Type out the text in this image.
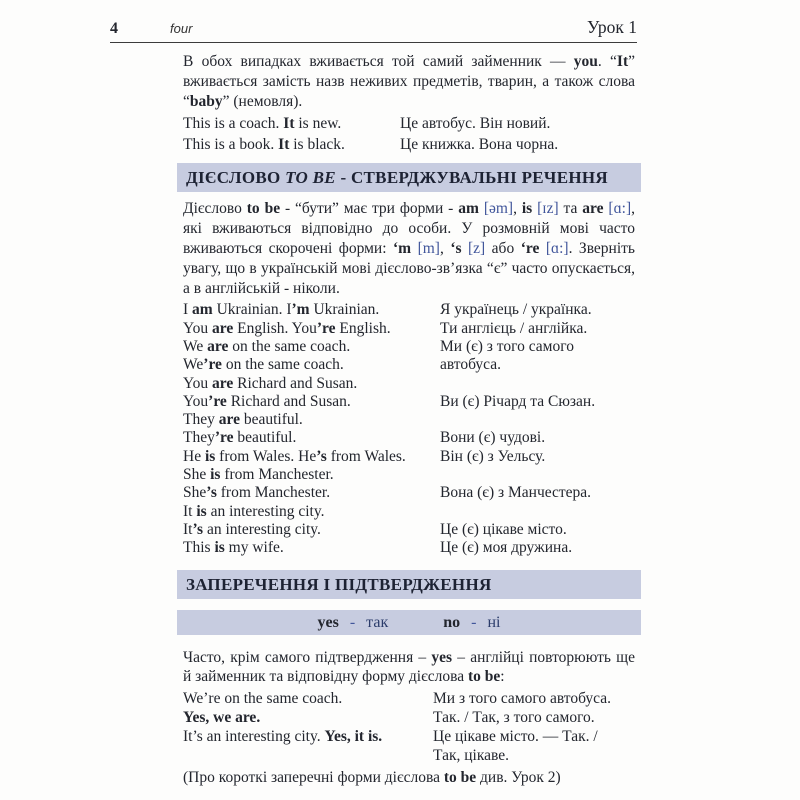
4	four	Урок 1

В обох випадках вживається той самий займенник — you. “It” вживається замість назв неживих предметів, тварин, а також слова “baby” (немовля).

This is a coach. It is new.	Це автобус. Він новий.
This is a book. It is black.	Це книжка. Вона чорна.
ДІЄСЛОВО TO BE - СТВЕРДЖУВАЛЬНІ РЕЧЕННЯ

Дієслово to be - “бути” має три форми - am [əm], is [ɪz] та are [ɑ:], які вживаються відповідно до особи. У розмовній мові часто вживаються скорочені форми: ‘m [m], ‘s [z] або ‘re [ɑ:]. Зверніть увагу, що в українській мові дієслово-зв’язка “є” часто опускається, а в англійській - ніколи.

I am Ukrainian. I’m Ukrainian.	Я українець / українка.
You are English. You’re English.	Ти англієць / англійка.
We are on the same coach.	Ми (є) з того самого
We’re on the same coach.	автобуса.
You are Richard and Susan.
You’re Richard and Susan.	Ви (є) Річард та Сюзан.
They are beautiful.
They’re beautiful.	Вони (є) чудові.
He is from Wales. He’s from Wales.	Він (є) з Уельсу.
She is from Manchester.
She’s from Manchester.	Вона (є) з Манчестера.
It is an interesting city.
It’s an interesting city.	Це (є) цікаве місто.
This is my wife.	Це (є) моя дружина.
ЗАПЕРЕЧЕННЯ І ПІДТВЕРДЖЕННЯ
yes - так	no - ні

Часто, крім самого підтвердження – yes – англійці повторюють ще й займенник та відповідну форму дієслова to be:

We’re on the same coach.	Ми з того самого автобуса.
Yes, we are.	Так. / Так, з того самого.
It’s an interesting city. Yes, it is.	Це цікаве місто. — Так. /
Так, цікаве.

(Про короткі заперечні форми дієслова to be див. Урок 2)
